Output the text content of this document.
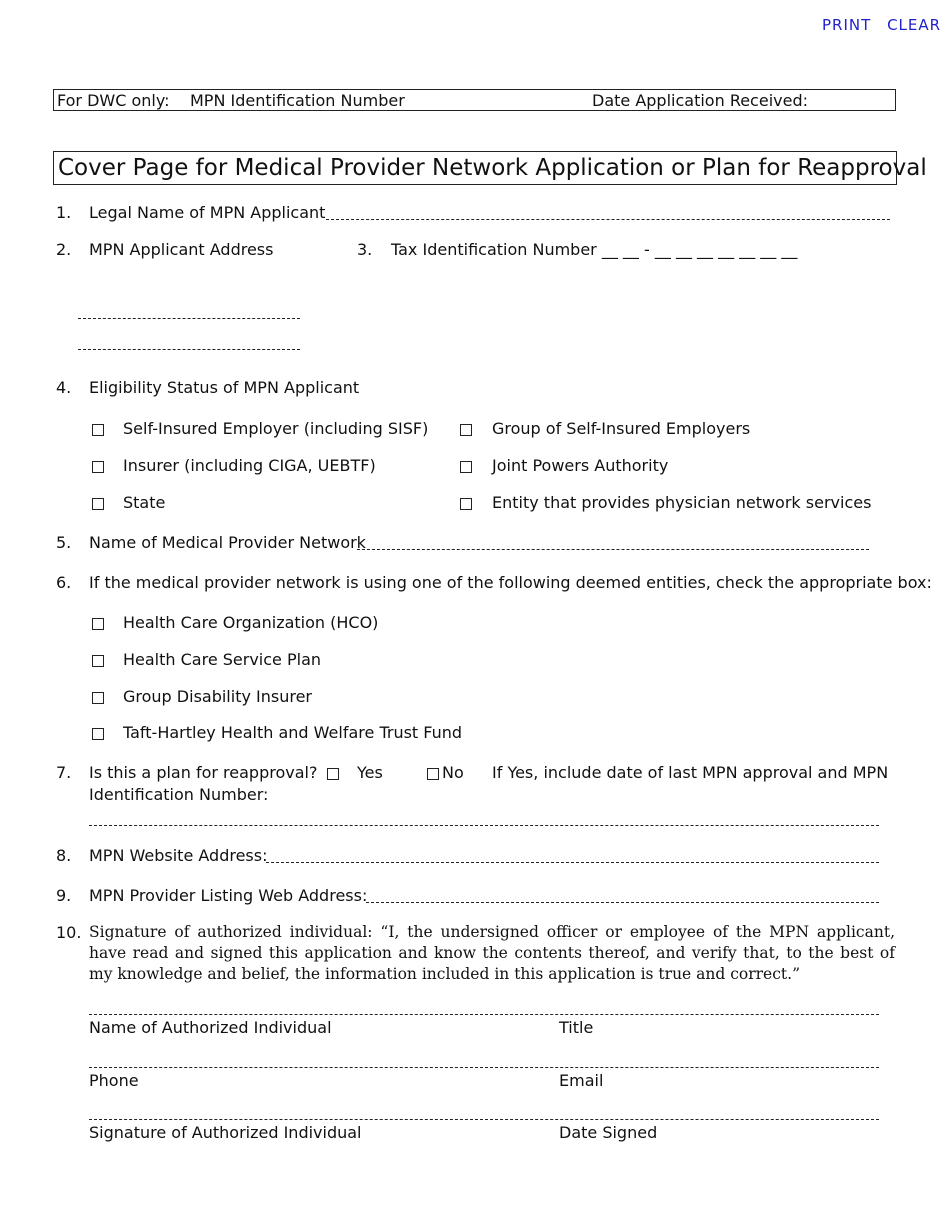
PRINT CLEAR
For DWC only: MPN Identification Number	Date Application Received:
Cover Page for Medical Provider Network Application or Plan for Reapproval
1. Legal Name of MPN Applicant
2. MPN Applicant Address	3. Tax Identification Number __ __ - __ __ __ __ __ __ __
4. Eligibility Status of MPN Applicant
Self-Insured Employer (including SISF)	Group of Self-Insured Employers
Insurer (including CIGA, UEBTF)	Joint Powers Authority
State	Entity that provides physician network services
5. Name of Medical Provider Network
6. If the medical provider network is using one of the following deemed entities, check the appropriate box:
Health Care Organization (HCO)
Health Care Service Plan
Group Disability Insurer
Taft-Hartley Health and Welfare Trust Fund
7. Is this a plan for reapproval? Yes	No If Yes, include date of last MPN approval and MPN
Identification Number:
8. MPN Website Address:
9. MPN Provider Listing Web Address:
10. Signature of authorized individual: “I, the undersigned officer or employee of the MPN applicant, have read and signed this application and know the contents thereof, and verify that, to the best of my knowledge and belief, the information included in this application is true and correct.”
Name of Authorized Individual	Title
Phone	Email
Signature of Authorized Individual	Date Signed
